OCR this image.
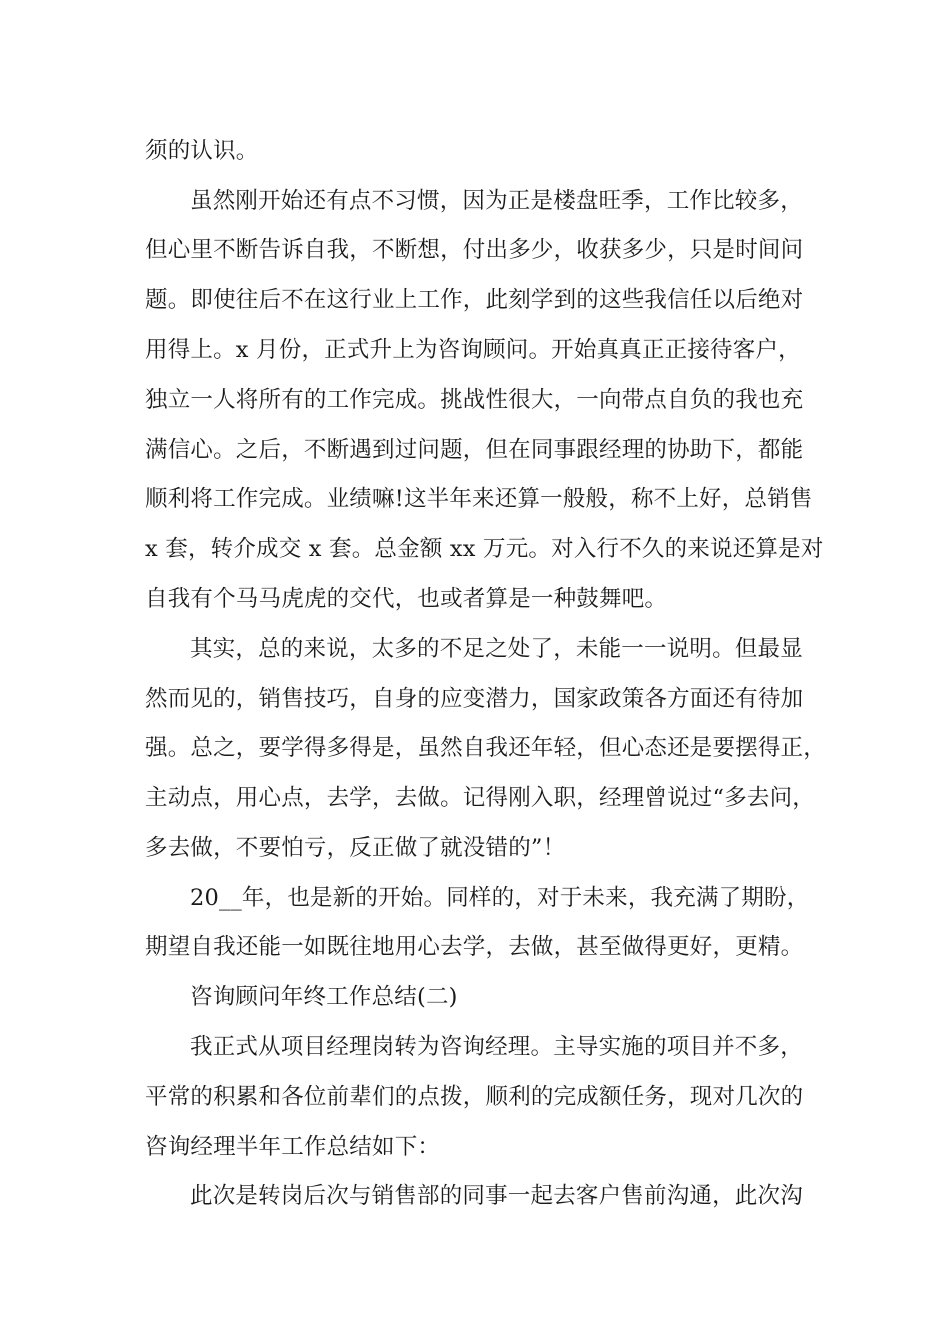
须的认识。
虽然刚开始还有点不习惯，因为正是楼盘旺季，工作比较多，
但心里不断告诉自我，不断想，付出多少，收获多少，只是时间问
题。即使往后不在这行业上工作，此刻学到的这些我信任以后绝对
用得上。x 月份，正式升上为咨询顾问。开始真真正正接待客户，
独立一人将所有的工作完成。挑战性很大，一向带点自负的我也充
满信心。之后，不断遇到过问题，但在同事跟经理的协助下，都能
顺利将工作完成。业绩嘛!这半年来还算一般般，称不上好，总销售
x 套，转介成交 x 套。总金额 xx 万元。对入行不久的来说还算是对
自我有个马马虎虎的交代，也或者算是一种鼓舞吧。
其实，总的来说，太多的不足之处了，未能一一说明。但最显
然而见的，销售技巧，自身的应变潜力，国家政策各方面还有待加
强。总之，要学得多得是，虽然自我还年轻，但心态还是要摆得正，
主动点，用心点，去学，去做。记得刚入职，经理曾说过“多去问，
多去做，不要怕亏，反正做了就没错的”！
20__年，也是新的开始。同样的，对于未来，我充满了期盼，
期望自我还能一如既往地用心去学，去做，甚至做得更好，更精。
咨询顾问年终工作总结(二)
我正式从项目经理岗转为咨询经理。主导实施的项目并不多，
平常的积累和各位前辈们的点拨，顺利的完成额任务，现对几次的
咨询经理半年工作总结如下：
此次是转岗后次与销售部的同事一起去客户售前沟通，此次沟
